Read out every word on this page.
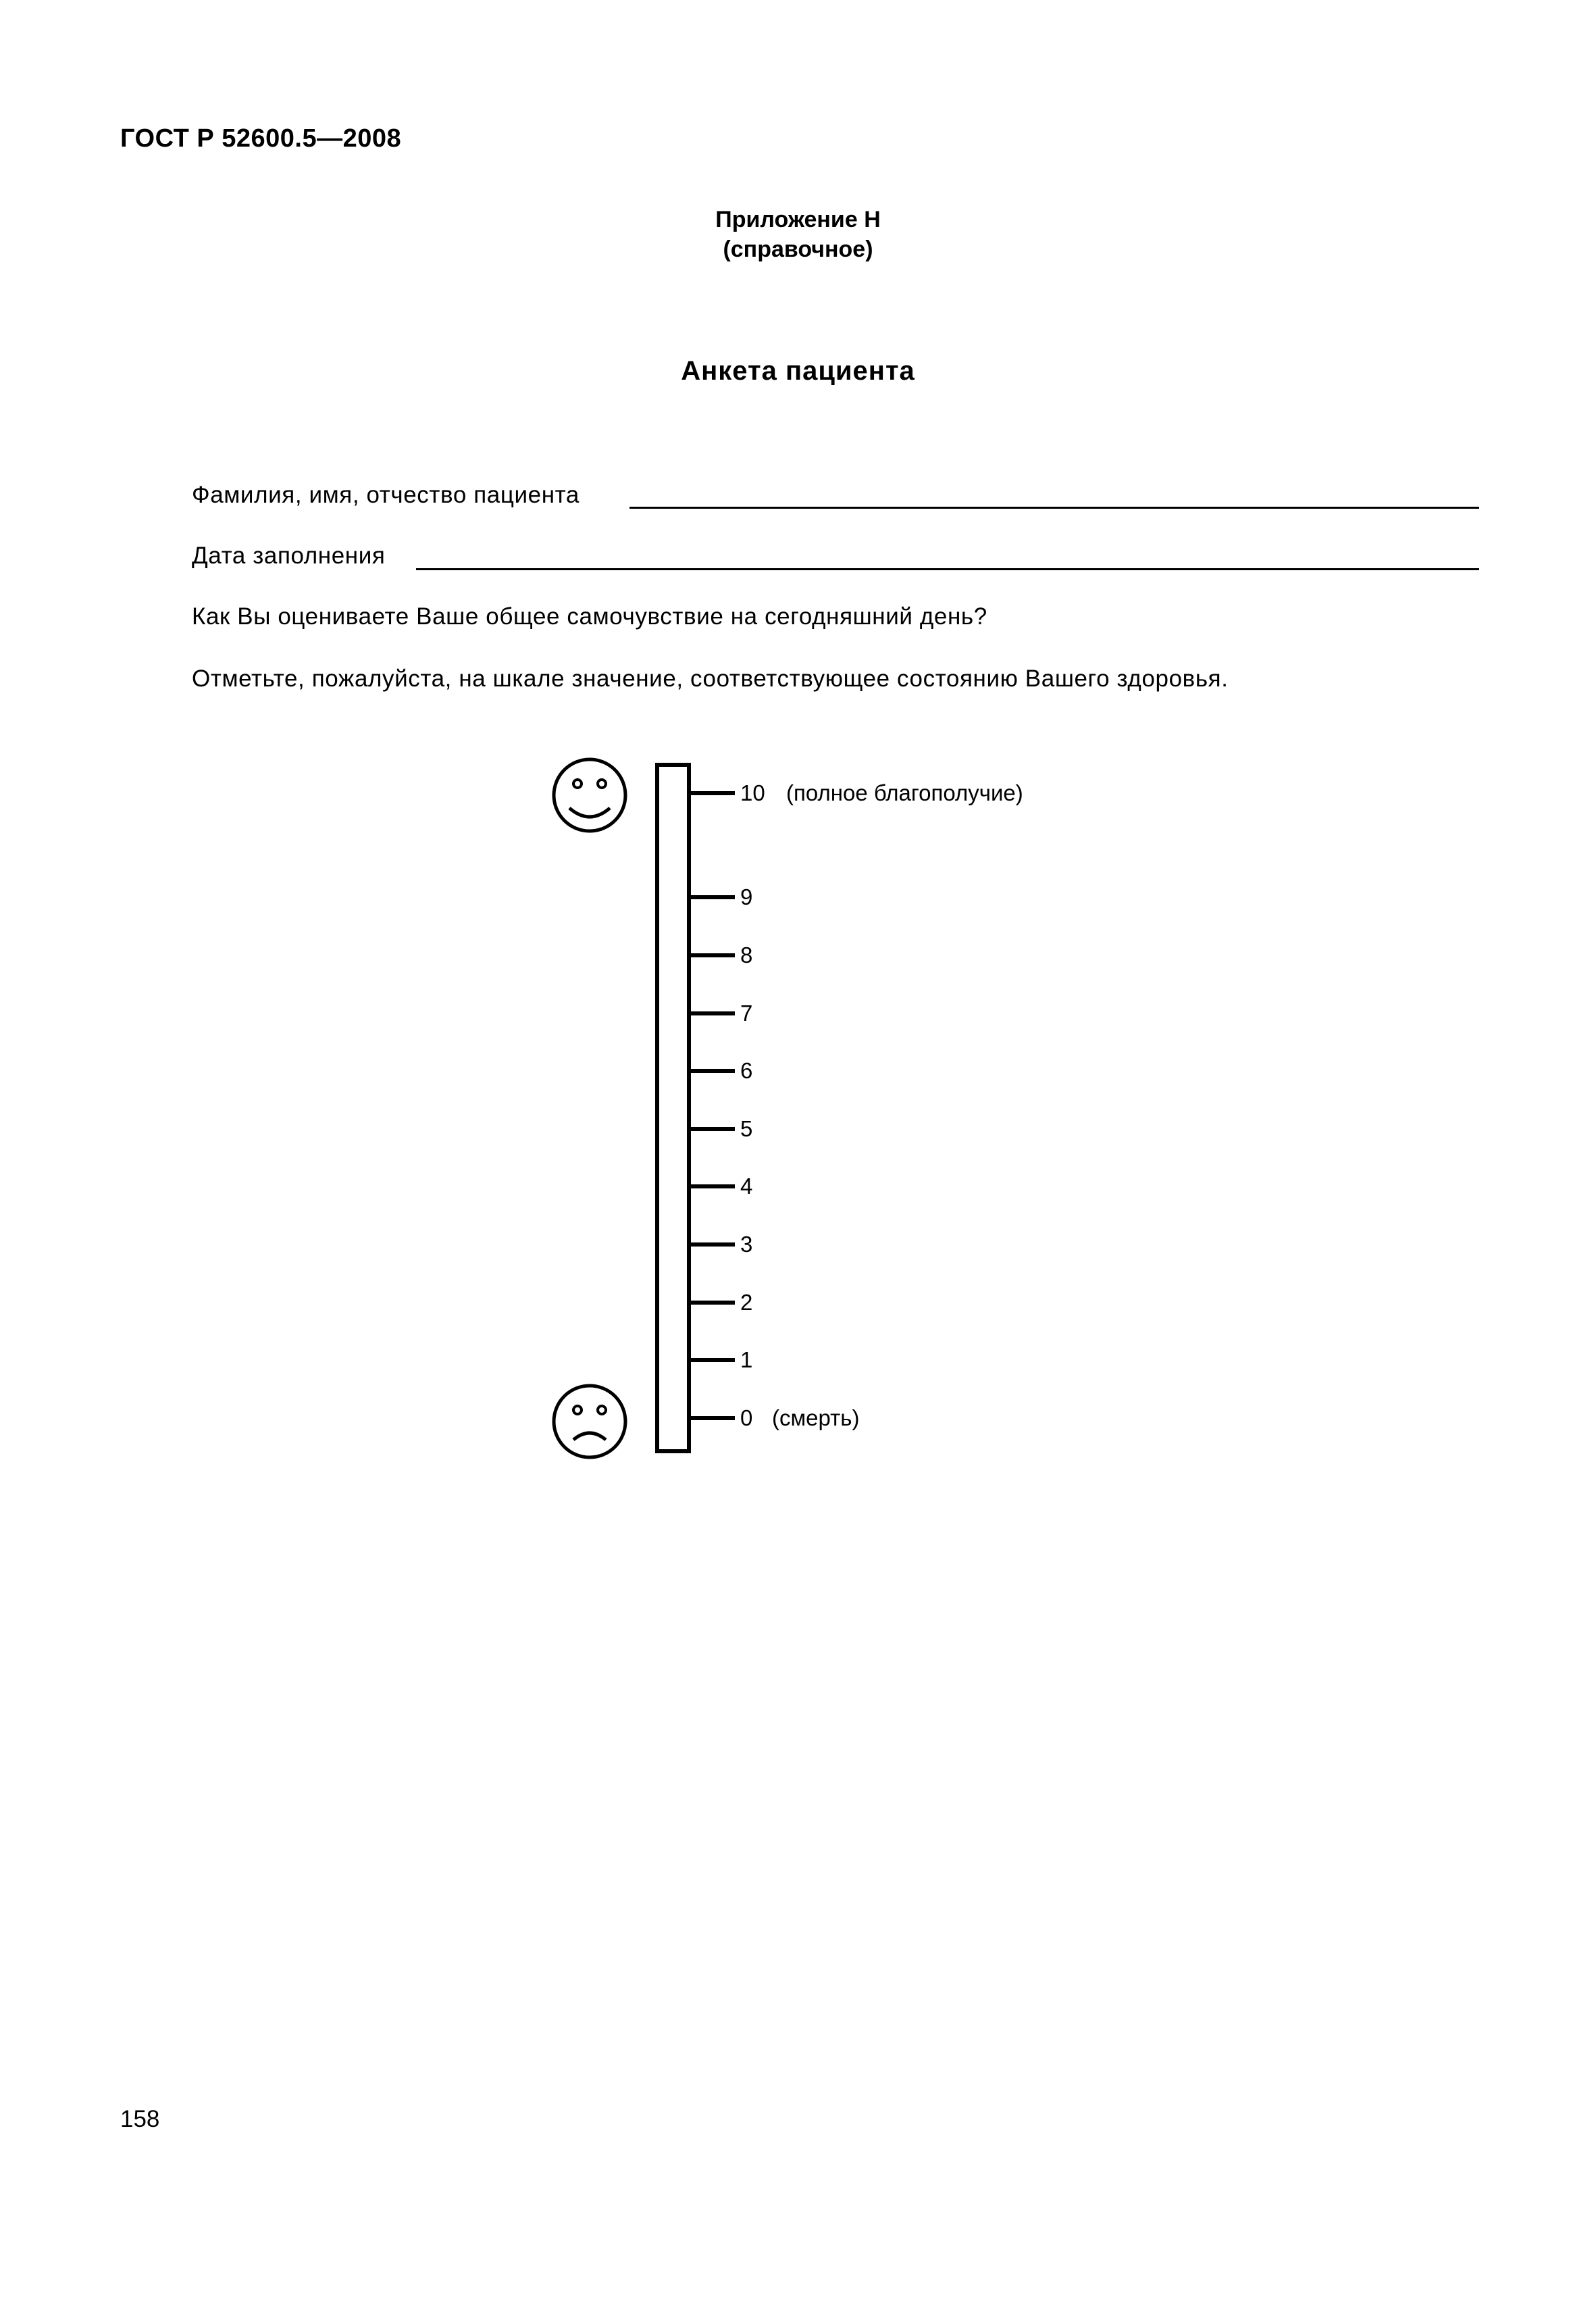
ГОСТ Р 52600.5—2008
Приложение Н
(справочное)
Анкета пациента
Фамилия, имя, отчество пациента
Дата заполнения
Как Вы оцениваете Ваше общее самочувствие на сегодняшний день?
Отметьте, пожалуйста, на шкале значение, соответствующее состоянию Вашего здоровья.
10
9
8
7
6
5
4
3
2
1
0
(полное благополучие)
(смерть)
158
